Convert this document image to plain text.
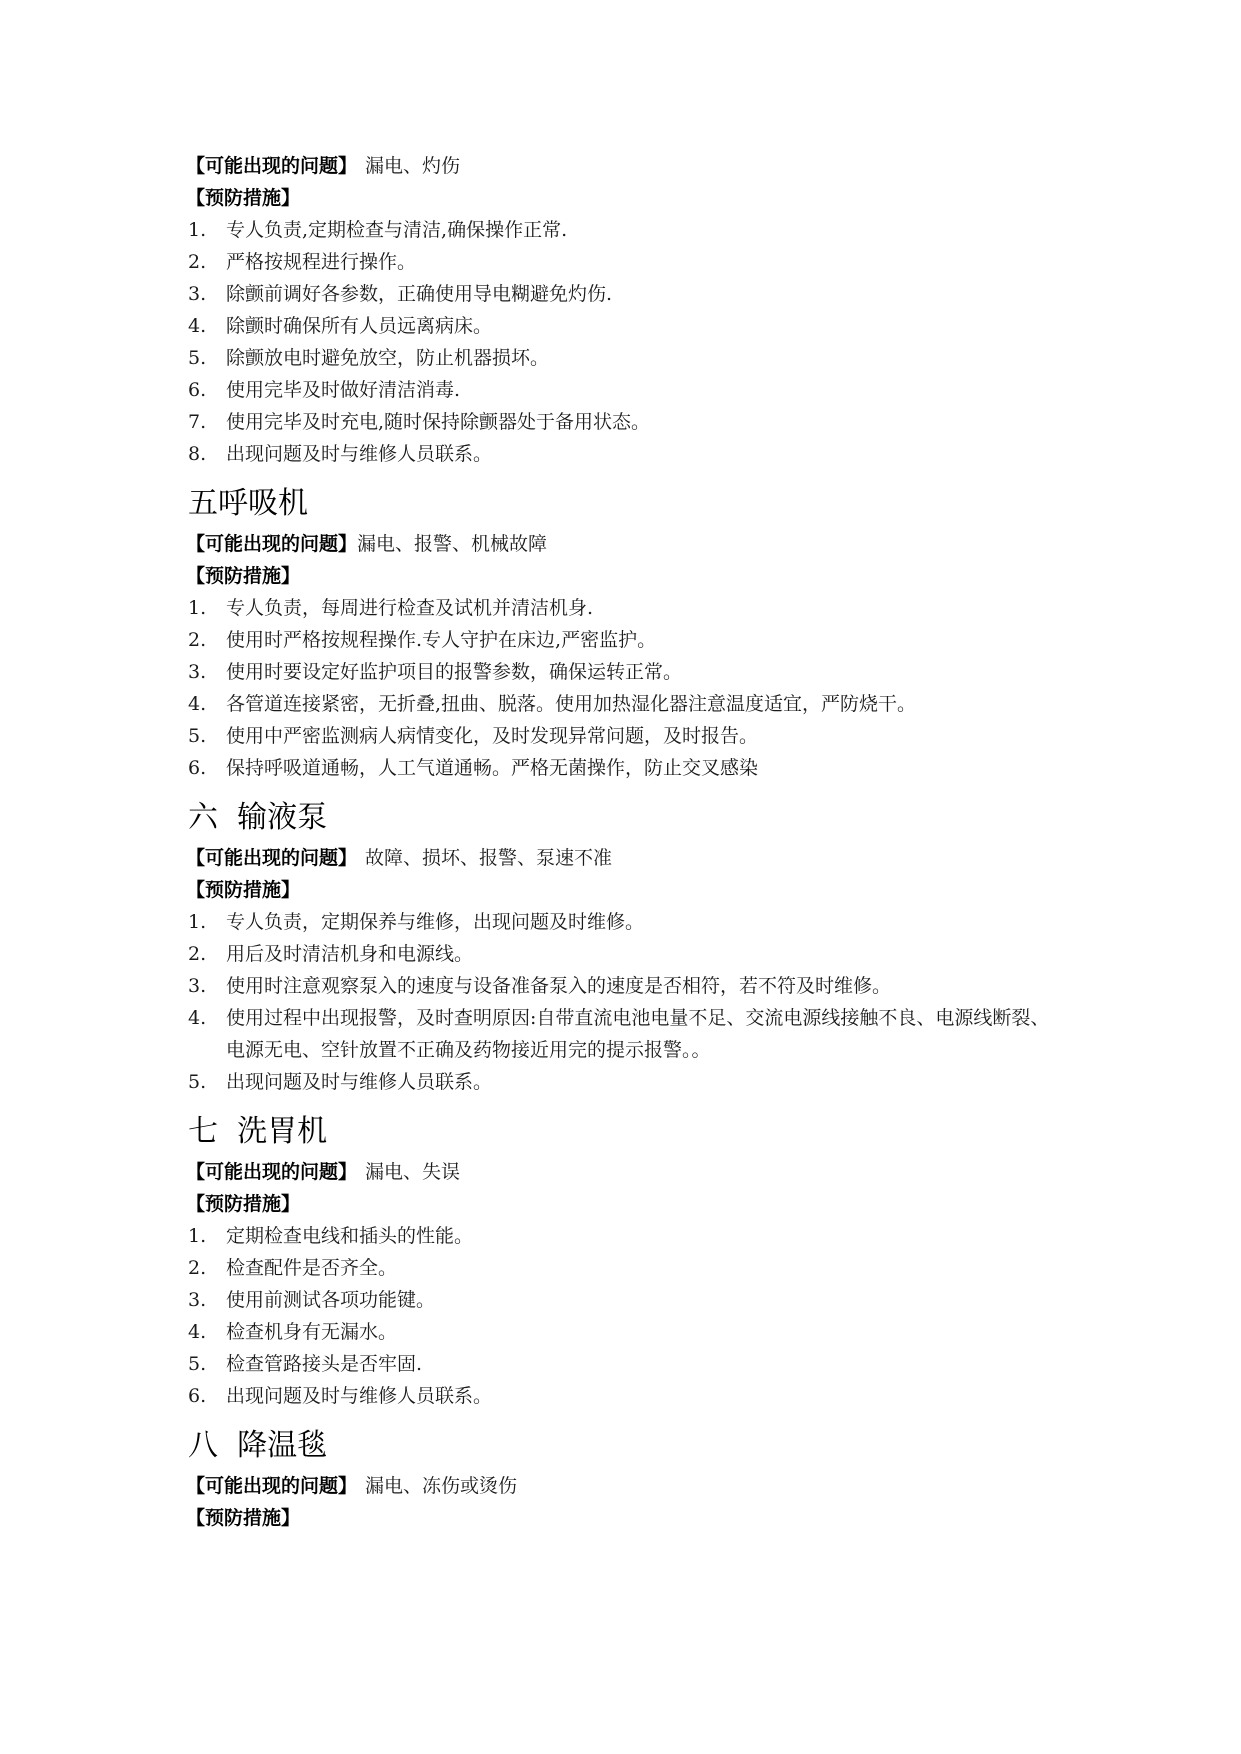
【可能出现的问题】 漏电、灼伤
【预防措施】
1. 专人负责,定期检查与清洁,确保操作正常.
2. 严格按规程进行操作。
3. 除颤前调好各参数，正确使用导电糊避免灼伤.
4. 除颤时确保所有人员远离病床。
5. 除颤放电时避免放空，防止机器损坏。
6. 使用完毕及时做好清洁消毒.
7. 使用完毕及时充电,随时保持除颤器处于备用状态。
8. 出现问题及时与维修人员联系。
五呼吸机
【可能出现的问题】漏电、报警、机械故障
【预防措施】
1. 专人负责，每周进行检查及试机并清洁机身.
2. 使用时严格按规程操作.专人守护在床边,严密监护。
3. 使用时要设定好监护项目的报警参数，确保运转正常。
4. 各管道连接紧密，无折叠,扭曲、脱落。使用加热湿化器注意温度适宜，严防烧干。
5. 使用中严密监测病人病情变化，及时发现异常问题，及时报告。
6. 保持呼吸道通畅，人工气道通畅。严格无菌操作，防止交叉感染
六  输液泵
【可能出现的问题】 故障、损坏、报警、泵速不准
【预防措施】
1. 专人负责，定期保养与维修，出现问题及时维修。
2. 用后及时清洁机身和电源线。
3. 使用时注意观察泵入的速度与设备准备泵入的速度是否相符，若不符及时维修。
4. 使用过程中出现报警，及时查明原因:自带直流电池电量不足、交流电源线接触不良、电源线断裂、电源无电、空针放置不正确及药物接近用完的提示报警。。
5. 出现问题及时与维修人员联系。
七  洗胃机
【可能出现的问题】 漏电、失误
【预防措施】
1. 定期检查电线和插头的性能。
2. 检查配件是否齐全。
3. 使用前测试各项功能键。
4. 检查机身有无漏水。
5. 检查管路接头是否牢固.
6. 出现问题及时与维修人员联系。
八  降温毯
【可能出现的问题】 漏电、冻伤或烫伤
【预防措施】
